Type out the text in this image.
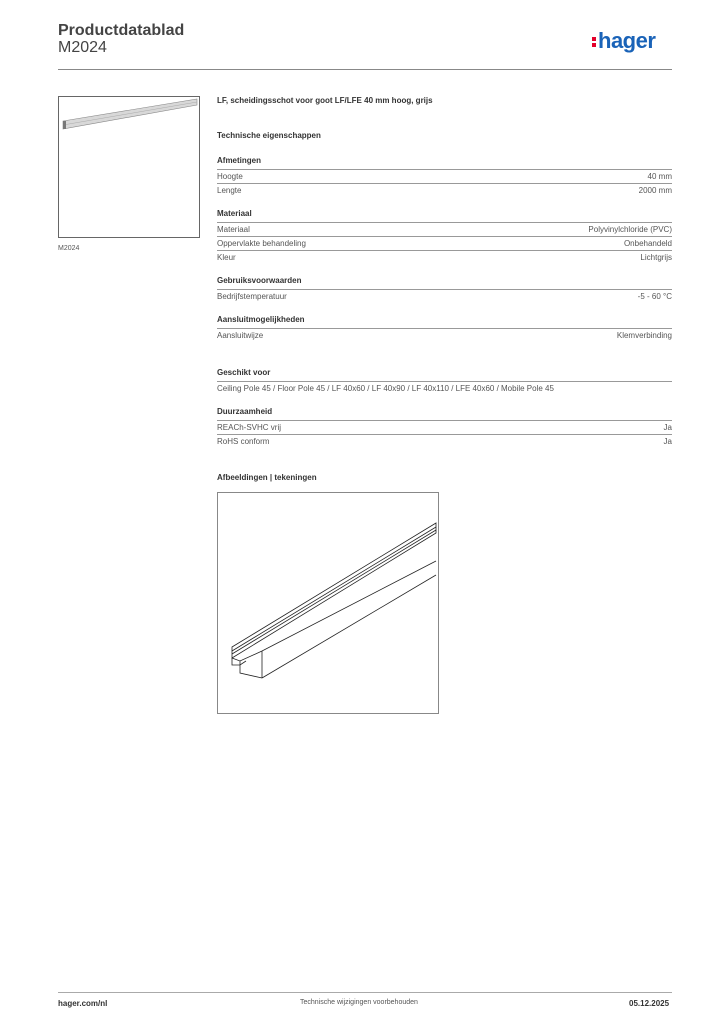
Productdatablad
M2024	hager
M2024
LF, scheidingsschot voor goot LF/LFE 40 mm hoog, grijs
Technische eigenschappen
Afmetingen
Hoogte	40 mm
Lengte	2000 mm
Materiaal
Materiaal	Polyvinylchloride (PVC)
Oppervlakte behandeling	Onbehandeld
Kleur	Lichtgrijs
Gebruiksvoorwaarden
Bedrijfstemperatuur	-5 - 60 °C
Aansluitmogelijkheden
Aansluitwijze	Klemverbinding
Geschikt voor
Ceiling Pole 45 / Floor Pole 45 / LF 40x60 / LF 40x90 / LF 40x110 / LFE 40x60 / Mobile Pole 45
Duurzaamheid
REACh-SVHC vrij	Ja
RoHS conform	Ja
Afbeeldingen | tekeningen
hager.com/nl	Technische wijzigingen voorbehouden	05.12.2025
